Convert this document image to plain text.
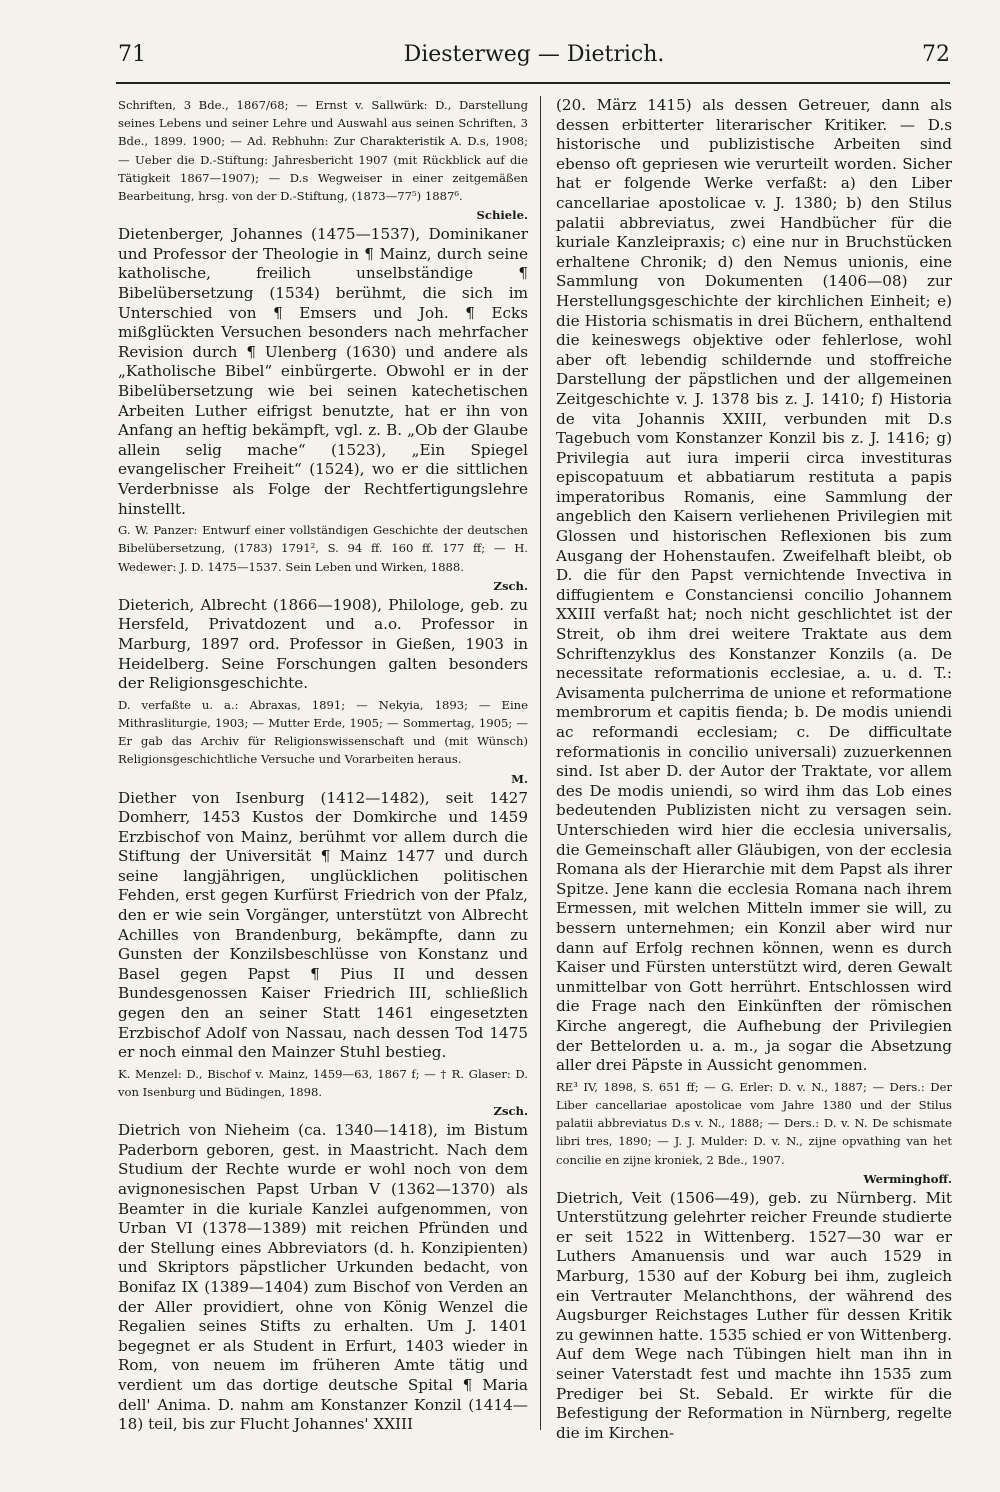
71	Diesterweg — Dietrich.	72
Schriften, 3 Bde., 1867/68; — Ernst v. Sallwürk: D., Darstellung seines Lebens und seiner Lehre und Auswahl aus seinen Schriften, 3 Bde., 1899. 1900; — Ad. Rebhuhn: Zur Charakteristik A. D.s, 1908; — Ueber die D.-Stiftung: Jahresbericht 1907 (mit Rückblick auf die Tätigkeit 1867—1907); — D.s Wegweiser in einer zeitgemäßen Bearbeitung, hrsg. von der D.-Stiftung, (1873—77⁵) 1887⁶.
Schiele.
Dietenberger, Johannes (1475—1537), Dominikaner und Professor der Theologie in ¶ Mainz, durch seine katholische, freilich unselbständige ¶ Bibelübersetzung (1534) berühmt, die sich im Unterschied von ¶ Emsers und Joh. ¶ Ecks mißglückten Versuchen besonders nach mehrfacher Revision durch ¶ Ulenberg (1630) und andere als „Katholische Bibel“ einbürgerte. Obwohl er in der Bibelübersetzung wie bei seinen katechetischen Arbeiten Luther eifrigst benutzte, hat er ihn von Anfang an heftig bekämpft, vgl. z. B. „Ob der Glaube allein selig mache“ (1523), „Ein Spiegel evangelischer Freiheit“ (1524), wo er die sittlichen Verderbnisse als Folge der Rechtfertigungslehre hinstellt.
G. W. Panzer: Entwurf einer vollständigen Geschichte der deutschen Bibelübersetzung, (1783) 1791², S. 94 ff. 160 ff. 177 ff; — H. Wedewer: J. D. 1475—1537. Sein Leben und Wirken, 1888.
Zsch.
Dieterich, Albrecht (1866—1908), Philologe, geb. zu Hersfeld, Privatdozent und a.o. Professor in Marburg, 1897 ord. Professor in Gießen, 1903 in Heidelberg. Seine Forschungen galten besonders der Religionsgeschichte.
D. verfaßte u. a.: Abraxas, 1891; — Nekyia, 1893; — Eine Mithrasliturgie, 1903; — Mutter Erde, 1905; — Sommertag, 1905; — Er gab das Archiv für Religionswissenschaft und (mit Wünsch) Religionsgeschichtliche Versuche und Vorarbeiten heraus.
M.
Diether von Isenburg (1412—1482), seit 1427 Domherr, 1453 Kustos der Domkirche und 1459 Erzbischof von Mainz, berühmt vor allem durch die Stiftung der Universität ¶ Mainz 1477 und durch seine langjährigen, unglücklichen politischen Fehden, erst gegen Kurfürst Friedrich von der Pfalz, den er wie sein Vorgänger, unterstützt von Albrecht Achilles von Brandenburg, bekämpfte, dann zu Gunsten der Konzilsbeschlüsse von Konstanz und Basel gegen Papst ¶ Pius II und dessen Bundesgenossen Kaiser Friedrich III, schließlich gegen den an seiner Statt 1461 eingesetzten Erzbischof Adolf von Nassau, nach dessen Tod 1475 er noch einmal den Mainzer Stuhl bestieg.
K. Menzel: D., Bischof v. Mainz, 1459—63, 1867 f; — † R. Glaser: D. von Isenburg und Büdingen, 1898.
Zsch.
Dietrich von Nieheim (ca. 1340—1418), im Bistum Paderborn geboren, gest. in Maastricht. Nach dem Studium der Rechte wurde er wohl noch von dem avignonesischen Papst Urban V (1362—1370) als Beamter in die kuriale Kanzlei aufgenommen, von Urban VI (1378—1389) mit reichen Pfründen und der Stellung eines Abbreviators (d. h. Konzipienten) und Skriptors päpstlicher Urkunden bedacht, von Bonifaz IX (1389—1404) zum Bischof von Verden an der Aller providiert, ohne von König Wenzel die Regalien seines Stifts zu erhalten. Um J. 1401 begegnet er als Student in Erfurt, 1403 wieder in Rom, von neuem im früheren Amte tätig und verdient um das dortige deutsche Spital ¶ Maria dell' Anima. D. nahm am Konstanzer Konzil (1414—18) teil, bis zur Flucht Johannes' XXIII
(20. März 1415) als dessen Getreuer, dann als dessen erbitterter literarischer Kritiker. — D.s historische und publizistische Arbeiten sind ebenso oft gepriesen wie verurteilt worden. Sicher hat er folgende Werke verfaßt: a) den Liber cancellariae apostolicae v. J. 1380; b) den Stilus palatii abbreviatus, zwei Handbücher für die kuriale Kanzleipraxis; c) eine nur in Bruchstücken erhaltene Chronik; d) den Nemus unionis, eine Sammlung von Dokumenten (1406—08) zur Herstellungsgeschichte der kirchlichen Einheit; e) die Historia schismatis in drei Büchern, enthaltend die keineswegs objektive oder fehlerlose, wohl aber oft lebendig schildernde und stoffreiche Darstellung der päpstlichen und der allgemeinen Zeitgeschichte v. J. 1378 bis z. J. 1410; f) Historia de vita Johannis XXIII, verbunden mit D.s Tagebuch vom Konstanzer Konzil bis z. J. 1416; g) Privilegia aut iura imperii circa investituras episcopatuum et abbatiarum restituta a papis imperatoribus Romanis, eine Sammlung der angeblich den Kaisern verliehenen Privilegien mit Glossen und historischen Reflexionen bis zum Ausgang der Hohenstaufen. Zweifelhaft bleibt, ob D. die für den Papst vernichtende Invectiva in diffugientem e Constanciensi concilio Johannem XXIII verfaßt hat; noch nicht geschlichtet ist der Streit, ob ihm drei weitere Traktate aus dem Schriftenzyklus des Konstanzer Konzils (a. De necessitate reformationis ecclesiae, a. u. d. T.: Avisamenta pulcherrima de unione et reformatione membrorum et capitis fienda; b. De modis uniendi ac reformandi ecclesiam; c. De difficultate reformationis in concilio universali) zuzuerkennen sind. Ist aber D. der Autor der Traktate, vor allem des De modis uniendi, so wird ihm das Lob eines bedeutenden Publizisten nicht zu versagen sein. Unterschieden wird hier die ecclesia universalis, die Gemeinschaft aller Gläubigen, von der ecclesia Romana als der Hierarchie mit dem Papst als ihrer Spitze. Jene kann die ecclesia Romana nach ihrem Ermessen, mit welchen Mitteln immer sie will, zu bessern unternehmen; ein Konzil aber wird nur dann auf Erfolg rechnen können, wenn es durch Kaiser und Fürsten unterstützt wird, deren Gewalt unmittelbar von Gott herrührt. Entschlossen wird die Frage nach den Einkünften der römischen Kirche angeregt, die Aufhebung der Privilegien der Bettelorden u. a. m., ja sogar die Absetzung aller drei Päpste in Aussicht genommen.
RE³ IV, 1898, S. 651 ff; — G. Erler: D. v. N., 1887; — Ders.: Der Liber cancellariae apostolicae vom Jahre 1380 und der Stilus palatii abbreviatus D.s v. N., 1888; — Ders.: D. v. N. De schismate libri tres, 1890; — J. J. Mulder: D. v. N., zijne opvathing van het concilie en zijne kroniek, 2 Bde., 1907.
Werminghoff.
Dietrich, Veit (1506—49), geb. zu Nürnberg. Mit Unterstützung gelehrter reicher Freunde studierte er seit 1522 in Wittenberg. 1527—30 war er Luthers Amanuensis und war auch 1529 in Marburg, 1530 auf der Koburg bei ihm, zugleich ein Vertrauter Melanchthons, der während des Augsburger Reichstages Luther für dessen Kritik zu gewinnen hatte. 1535 schied er von Wittenberg. Auf dem Wege nach Tübingen hielt man ihn in seiner Vaterstadt fest und machte ihn 1535 zum Prediger bei St. Sebald. Er wirkte für die Befestigung der Reformation in Nürnberg, regelte die im Kirchen-
